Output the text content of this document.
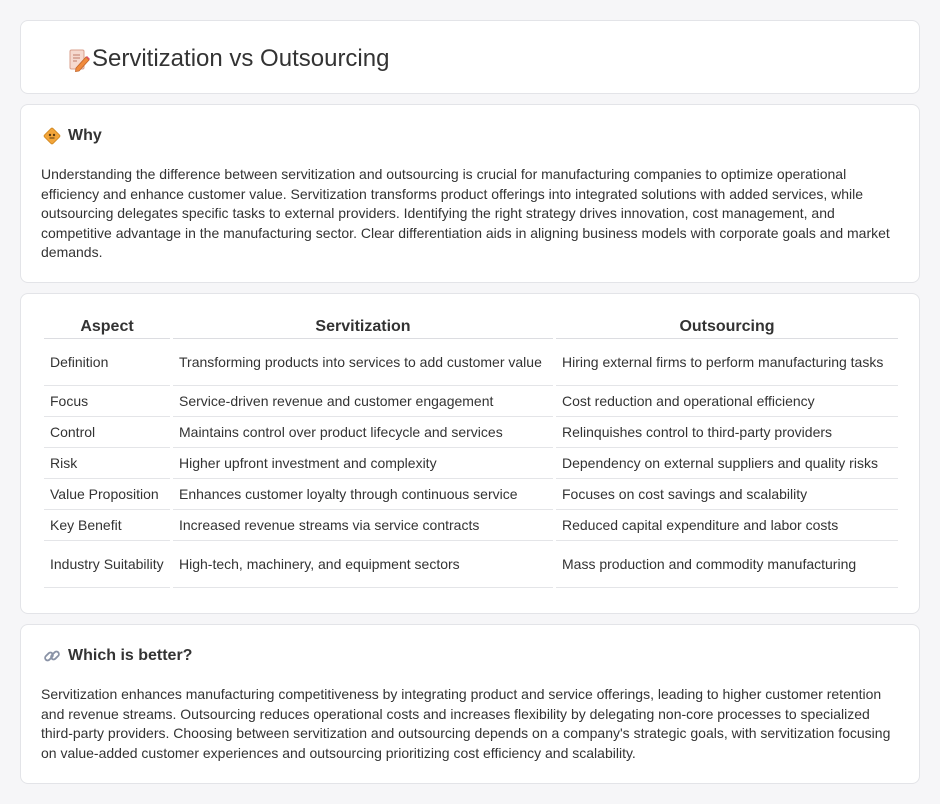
Servitization vs Outsourcing
Why

Understanding the difference between servitization and outsourcing is crucial for manufacturing companies to optimize operational efficiency and enhance customer value. Servitization transforms product offerings into integrated solutions with added services, while outsourcing delegates specific tasks to external providers. Identifying the right strategy drives innovation, cost management, and competitive advantage in the manufacturing sector. Clear differentiation aids in aligning business models with corporate goals and market demands.

Aspect	Servitization	Outsourcing
Definition	Transforming products into services to add customer value	Hiring external firms to perform manufacturing tasks
Focus	Service-driven revenue and customer engagement	Cost reduction and operational efficiency
Control	Maintains control over product lifecycle and services	Relinquishes control to third-party providers
Risk	Higher upfront investment and complexity	Dependency on external suppliers and quality risks
Value Proposition	Enhances customer loyalty through continuous service	Focuses on cost savings and scalability
Key Benefit	Increased revenue streams via service contracts	Reduced capital expenditure and labor costs
Industry Suitability	High-tech, machinery, and equipment sectors	Mass production and commodity manufacturing
Which is better?

Servitization enhances manufacturing competitiveness by integrating product and service offerings, leading to higher customer retention and revenue streams. Outsourcing reduces operational costs and increases flexibility by delegating non-core processes to specialized third-party providers. Choosing between servitization and outsourcing depends on a company's strategic goals, with servitization focusing on value-added customer experiences and outsourcing prioritizing cost efficiency and scalability.
